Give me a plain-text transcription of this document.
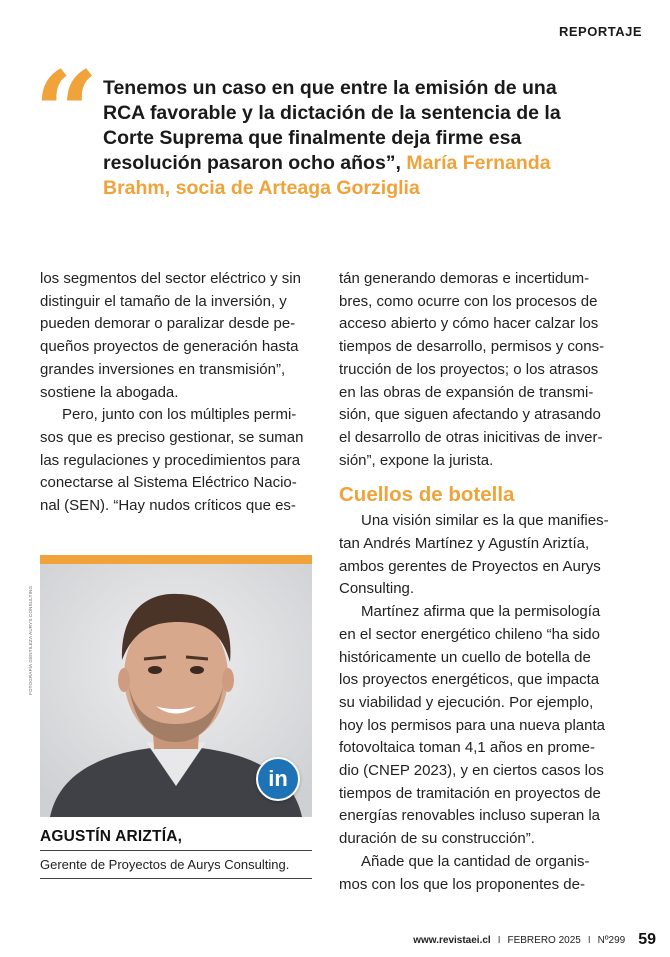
REPORTAJE
“ Tenemos un caso en que entre la emisión de una RCA favorable y la dictación de la sentencia de la Corte Suprema que finalmente deja firme esa resolución pasaron ocho años”, María Fernanda Brahm, socia de Arteaga Gorziglia

los segmentos del sector eléctrico y sin distinguir el tamaño de la inversión, y pueden demorar o paralizar desde pe-queños proyectos de generación hasta grandes inversiones en transmisión”, sostiene la abogada.

Pero, junto con los múltiples permi-sos que es preciso gestionar, se suman las regulaciones y procedimientos para conectarse al Sistema Eléctrico Nacio-nal (SEN). “Hay nudos críticos que es-

tán generando demoras e incertidum-bres, como ocurre con los procesos de acceso abierto y cómo hacer calzar los tiempos de desarrollo, permisos y cons-trucción de los proyectos; o los atrasos en las obras de expansión de transmi-sión, que siguen afectando y atrasando el desarrollo de otras inicitivas de inver-sión”, expone la jurista.

Cuellos de botella

Una visión similar es la que manifies-tan Andrés Martínez y Agustín Ariztía, ambos gerentes de Proyectos en Aurys Consulting.

Martínez afirma que la permisología en el sector energético chileno “ha sido históricamente un cuello de botella de los proyectos energéticos, que impacta su viabilidad y ejecución. Por ejemplo, hoy los permisos para una nueva planta fotovoltaica toman 4,1 años en prome-dio (CNEP 2023), y en ciertos casos los tiempos de tramitación en proyectos de energías renovables incluso superan la duración de su construcción”.

Añade que la cantidad de organis-mos con los que los proponentes de-

FOTOGRAFÍA GENTILEZA AURYS CONSULTING
in
AGUSTÍN ARIZTÍA,
Gerente de Proyectos de Aurys Consulting.
www.revistaei.cl I FEBRERO 2025 I Nº299 59
